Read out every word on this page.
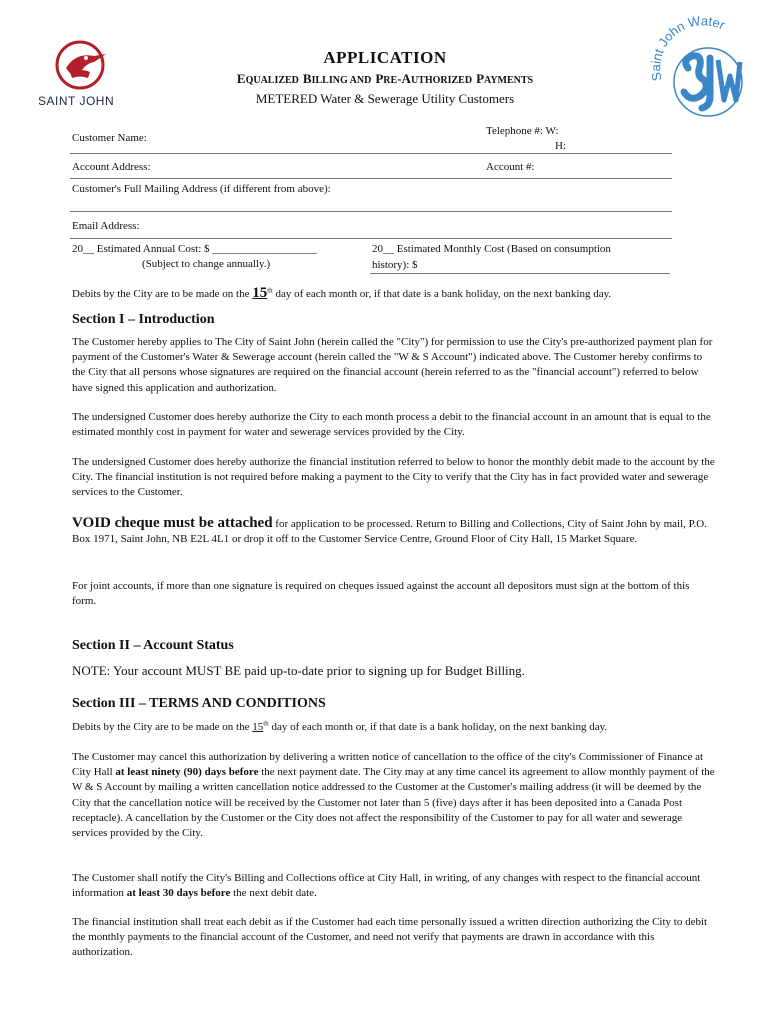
SAINT JOHN
Saint John Water
APPLICATION
EQUALIZED BILLING AND PRE-AUTHORIZED PAYMENTS
METERED Water & Sewerage Utility Customers
Customer Name:
Telephone #: W:
H:
Account Address:	Account #:
Customer's Full Mailing Address (if different from above):
Email Address:
20__ Estimated Annual Cost: $ ___________________
(Subject to change annually.)
20__ Estimated Monthly Cost (Based on consumption
history): $
Debits by the City are to be made on the 15th day of each month or, if that date is a bank holiday, on the next banking day.

Section I – Introduction

The Customer hereby applies to The City of Saint John (herein called the "City") for permission to use the City's pre-authorized payment plan for payment of the Customer's Water & Sewerage account (herein called the "W & S Account") indicated above. The Customer hereby confirms to the City that all persons whose signatures are required on the financial account (herein referred to as the "financial account") referred to below have signed this application and authorization.

The undersigned Customer does hereby authorize the City to each month process a debit to the financial account in an amount that is equal to the estimated monthly cost in payment for water and sewerage services provided by the City.

The undersigned Customer does hereby authorize the financial institution referred to below to honor the monthly debit made to the account by the City. The financial institution is not required before making a payment to the City to verify that the City has in fact provided water and sewerage services to the Customer.

VOID cheque must be attached for application to be processed. Return to Billing and Collections, City of Saint John by mail, P.O. Box 1971, Saint John, NB E2L 4L1 or drop it off to the Customer Service Centre, Ground Floor of City Hall, 15 Market Square.

For joint accounts, if more than one signature is required on cheques issued against the account all depositors must sign at the bottom of this form.

Section II – Account Status

NOTE: Your account MUST BE paid up-to-date prior to signing up for Budget Billing.

Section III – TERMS AND CONDITIONS

Debits by the City are to be made on the 15th day of each month or, if that date is a bank holiday, on the next banking day.

The Customer may cancel this authorization by delivering a written notice of cancellation to the office of the city's Commissioner of Finance at City Hall at least ninety (90) days before the next payment date. The City may at any time cancel its agreement to allow monthly payment of the W & S Account by mailing a written cancellation notice addressed to the Customer at the Customer's mailing address (it will be deemed by the City that the cancellation notice will be received by the Customer not later than 5 (five) days after it has been deposited into a Canada Post receptacle). A cancellation by the Customer or the City does not affect the responsibility of the Customer to pay for all water and sewerage services provided by the City.

The Customer shall notify the City's Billing and Collections office at City Hall, in writing, of any changes with respect to the financial account information at least 30 days before the next debit date.

The financial institution shall treat each debit as if the Customer had each time personally issued a written direction authorizing the City to debit the monthly payments to the financial account of the Customer, and need not verify that payments are drawn in accordance with this authorization.
